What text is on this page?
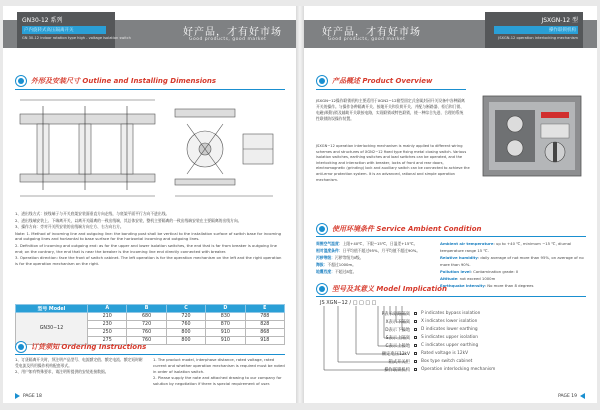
GN30-12 系列
户内旋转式高压隔离开关
GN 30-12 indoor rotation type high - voltage isolation switch	好产品，才有好市场
Good products, good market
外形及安装尺寸 Outline and Installing Dimensions

1、进出线方式：接线端子与开关底架安装面垂直方向走线，与底架平面平行方向不进出线。

2、进出线端安装上、下端离开关，以离开关隔离的一致出线端，其总体安装，整机主要隔离的一致出线端安装在主要隔离的出线方向。

3、操作方向：旁对开关所安装的出线端方向左方、右方向右方。

Note: 1. Method of incoming line and outgoing line: the bonding post shall be vertical to the installation surface of switch base for incoming and outgoing lines and horizontal to base surface for the horizontal incoming and outgoing lines.

2. Definition of incoming and outgoing end: as for the upper and lower isolation switches, the end that is far from breaker is outgoing line end; on the contrary, the end that is near the breaker is the incoming line end directly connected with breaker.

3. Operation direction: face the front of switch cabinet. The left operation is for the operation mechanism on the left and the right operation is for the operation mechanism on the right.

型号 Model	A	B	C	D	E
GN30−12	210	680	720	830	788
	230	720	760	870	828
	250	760	800	910	868
	275	760	800	910	918
订货须知 Ordering Instructions

1、订货隔离开关时，须注明产品型号、电流额定值、额定电流、额定短时耐受电流及所用操作机构配套形式。

2、用户如有特殊要求，请注明所提供的安装连接数据。

1. The product model, interphase distance, rated voltage, rated current and whether operation mechanism is required must be noted in order of isolation switch.

2. Please supply the note and attached drawing to our company for solution by negotiation if there is special requirement of user.

PAGE 18
JSXGN-12 型
操作联锁机构
JSXGN-12 operation interlocking mechanism
好产品，才有好市场
Good products, good market
产品概述 Product Overview
JSXGN−12操作联锁机构主要适用于XGN2−12箱型固定式金属封闭开关设备中各种隔离开关的操作。与操作各种隔离开关、接地开关和负荷开关、并配与断路器、柜后和门锁、电磁(吸附)锁及辅助开关联接电路，实现联锁或特色联锁，使一种综合先进、合理的系统性联锁防误操作装置。
JSXGN−12 operation interlocking mechanism is mainly applied to different wiring schemes and structures of XGN2−12 fixed type fixing metal closing switch. Various isolation switches, earthing switches and load switches can be operated, and the interlocking and interaction with breaker, locks of front and rear doors, electromagnetic (grinding) lock and auxiliary switch can be connected to achieve the anti-error protection system. It is an advanced, rational and simple operation mechanism.
使用环境条件 Service Ambient Condition
周围空气温度：上限+40℃，下限−15℃，日温差+15℃。
相对湿度条件：日平均值不超过95%，月平均值不超过90%。
污秽等级：污秽等级为Ⅱ级。
海拔：不超过1000m。
地震烈度：不超过8度。
Ambient air temperature: up to +40 ℃, minimum −15 ℃, diurnal temperature range 15 ℃.
Relative humidity: daily average of not more than 95%, on average of no more than 90%.
Pollution level: Contamination grade: Ⅱ
Altitude: not exceed 1000m
Earthquake intensity: No more than 8 degrees
型号及其意义 Model Implication
JS XGN−12 / □ □ □ □
P表示旁路隔离	P indicates bypass isolation
X表示下隔离	X indicates lower isolation
D表示下接地	D indicates lower earthing
S表示上隔离	S indicates upper isolation
C表示上接地	C indicates upper earthing
额定电压12kV	Rated voltage is 12kV
箱式开关柜	Box type switch cabinet
操作联锁机构	Operation interlocking mechanism
PAGE 19
